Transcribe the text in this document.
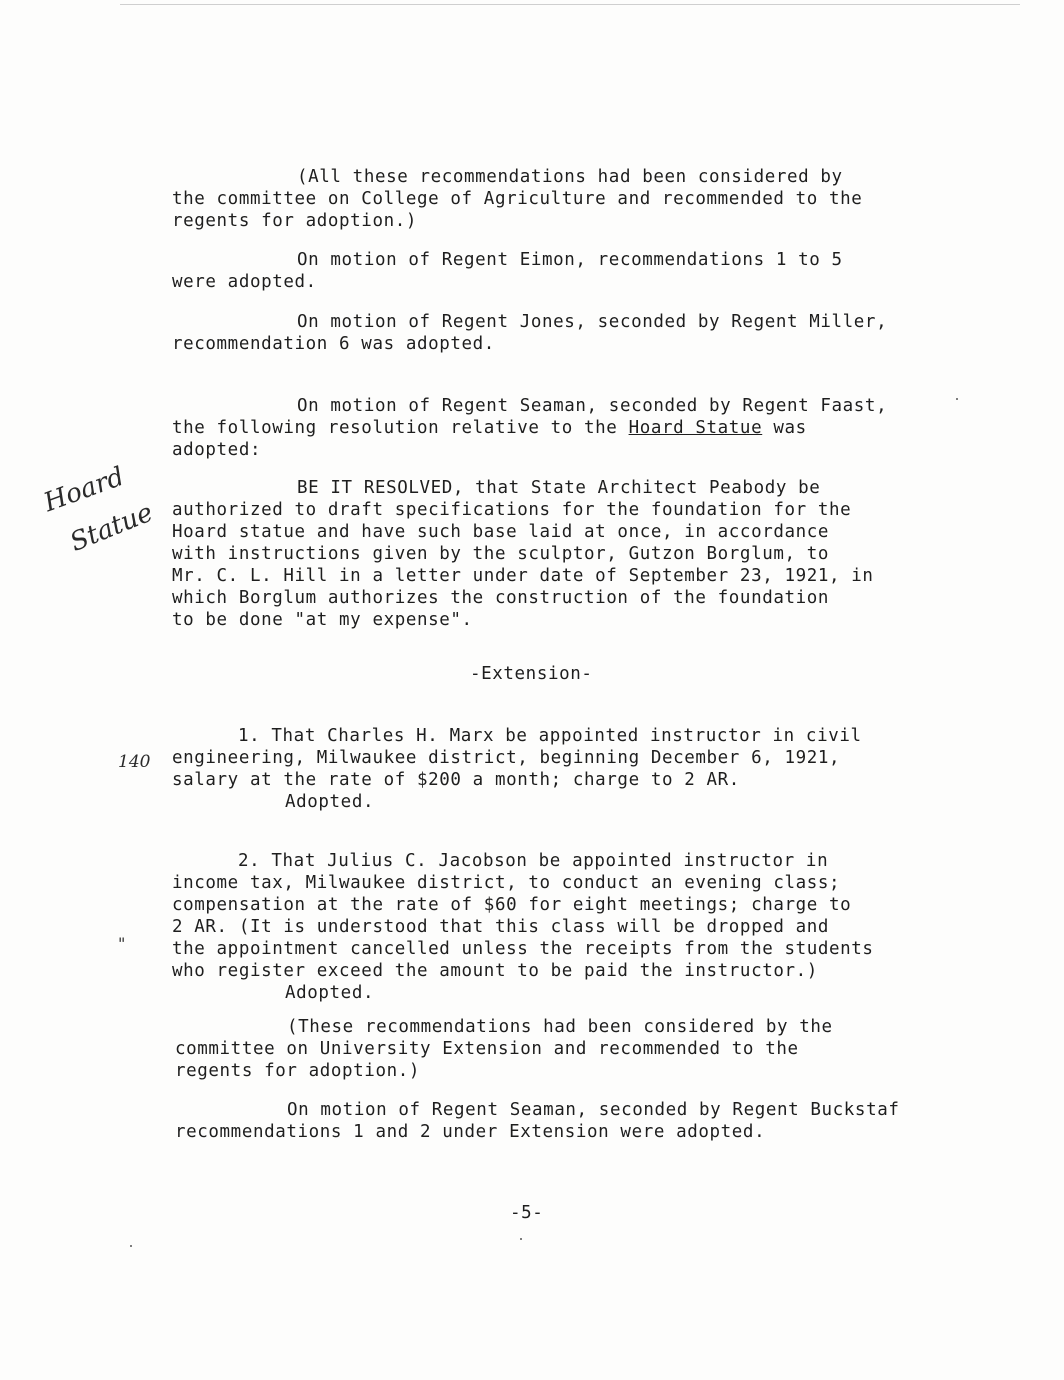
(All these recommendations had been considered by
the committee on College of Agriculture and recommended to the
regents for adoption.)
On motion of Regent Eimon, recommendations 1 to 5
were adopted.
On motion of Regent Jones, seconded by Regent Miller,
recommendation 6 was adopted.
On motion of Regent Seaman, seconded by Regent Faast,
the following resolution relative to the Hoard Statue was
adopted:
BE IT RESOLVED, that State Architect Peabody be
authorized to draft specifications for the foundation for the
Hoard statue and have such base laid at once, in accordance
with instructions given by the sculptor, Gutzon Borglum, to
Mr. C. L. Hill in a letter under date of September 23, 1921, in
which Borglum authorizes the construction of the foundation
to be done "at my expense".
-Extension-
1. That Charles H. Marx be appointed instructor in civil
engineering, Milwaukee district, beginning December 6, 1921,
salary at the rate of $200 a month; charge to 2 AR.
Adopted.
2. That Julius C. Jacobson be appointed instructor in
income tax, Milwaukee district, to conduct an evening class;
compensation at the rate of $60 for eight meetings; charge to
2 AR. (It is understood that this class will be dropped and
the appointment cancelled unless the receipts from the students
who register exceed the amount to be paid the instructor.)
Adopted.
(These recommendations had been considered by the
committee on University Extension and recommended to the
regents for adoption.)
On motion of Regent Seaman, seconded by Regent Buckstaf
recommendations 1 and 2 under Extension were adopted.
-5-
Hoard
Statue
140
"
